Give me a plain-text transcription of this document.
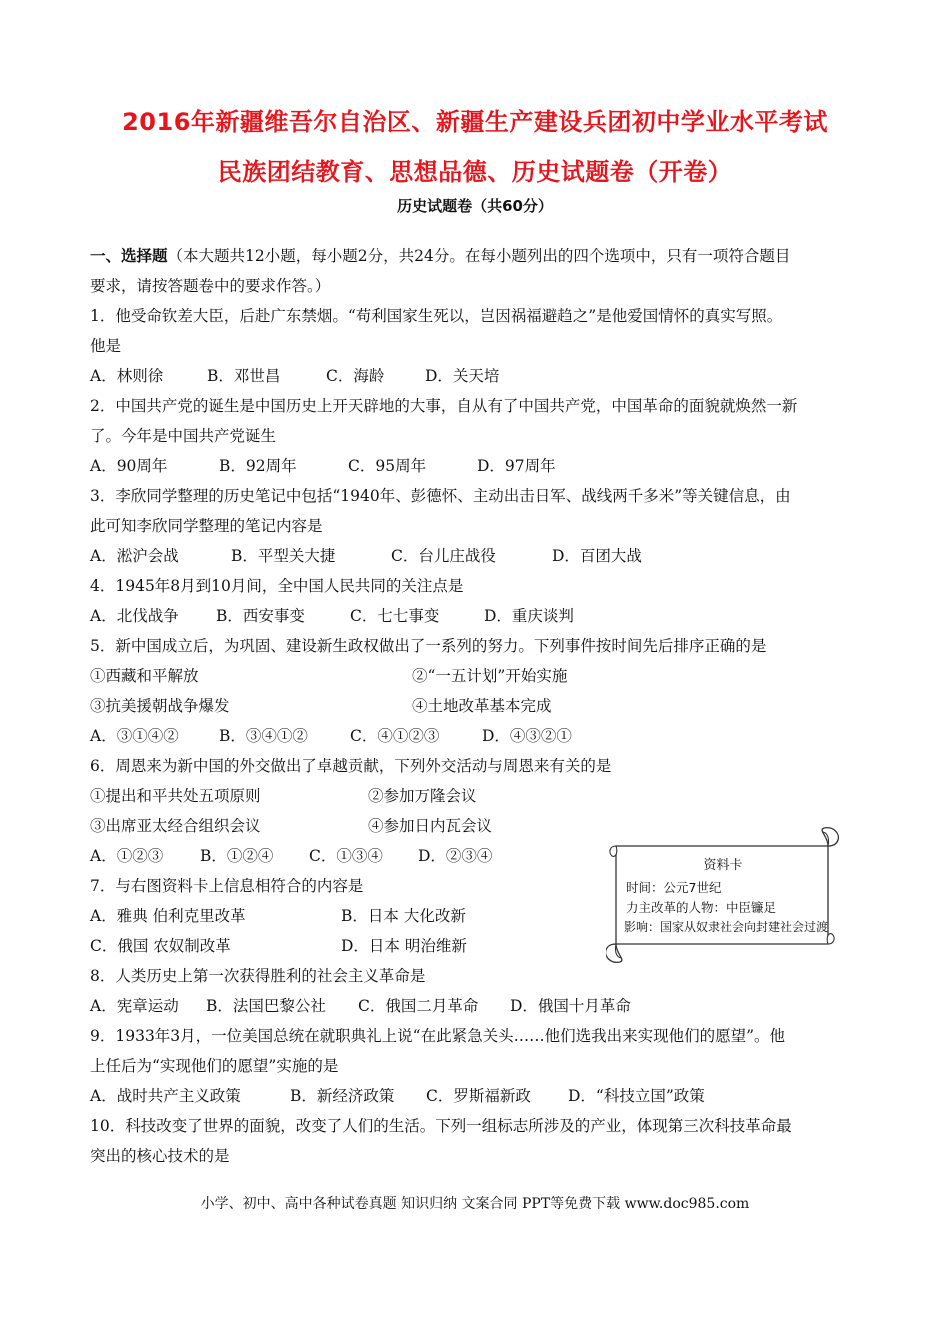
2016年新疆维吾尔自治区、新疆生产建设兵团初中学业水平考试
民族团结教育、思想品德、历史试题卷（开卷）
历史试题卷（共60分）
一、选择题（本大题共12小题，每小题2分，共24分。在每小题列出的四个选项中，只有一项符合题目
要求，请按答题卷中的要求作答。）
1．他受命钦差大臣，后赴广东禁烟。“苟利国家生死以，岂因祸福避趋之”是他爱国情怀的真实写照。
他是
A．林则徐	B．邓世昌	C．海龄	D．关天培
2．中国共产党的诞生是中国历史上开天辟地的大事，自从有了中国共产党，中国革命的面貌就焕然一新
了。今年是中国共产党诞生
A．90周年	B．92周年	C．95周年	D．97周年
3．李欣同学整理的历史笔记中包括“1940年、彭德怀、主动出击日军、战线两千多米”等关键信息，由
此可知李欣同学整理的笔记内容是
A．淞沪会战	B．平型关大捷	C．台儿庄战役	D．百团大战
4．1945年8月到10月间，全中国人民共同的关注点是
A．北伐战争 B．西安事变	C．七七事变	D．重庆谈判
5．新中国成立后，为巩固、建设新生政权做出了一系列的努力。下列事件按时间先后排序正确的是
①西藏和平解放	②“一五计划”开始实施
③抗美援朝战争爆发	④土地改革基本完成
A．③①④②	B．③④①②	C．④①②③	D．④③②①
6．周恩来为新中国的外交做出了卓越贡献，下列外交活动与周恩来有关的是
①提出和平共处五项原则	②参加万隆会议
③出席亚太经合组织会议	④参加日内瓦会议
A．①②③ B．①②④ C．①③④ D．②③④
7．与右图资料卡上信息相符合的内容是
A．雅典 伯利克里改革	B．日本 大化改新
C．俄国 农奴制改革	D．日本 明治维新
资料卡
时间：公元7世纪
力主改革的人物：中臣镰足
影响：国家从奴隶社会向封建社会过渡
8．人类历史上第一次获得胜利的社会主义革命是
A．宪章运动 B．法国巴黎公社 C．俄国二月革命 D．俄国十月革命
9．1933年3月，一位美国总统在就职典礼上说“在此紧急关头……他们选我出来实现他们的愿望”。他
上任后为“实现他们的愿望”实施的是
A．战时共产主义政策	B．新经济政策 C．罗斯福新政 D．“科技立国”政策
10．科技改变了世界的面貌，改变了人们的生活。下列一组标志所涉及的产业，体现第三次科技革命最
突出的核心技术的是
小学、初中、高中各种试卷真题 知识归纳 文案合同 PPT等免费下载 www.doc985.com
